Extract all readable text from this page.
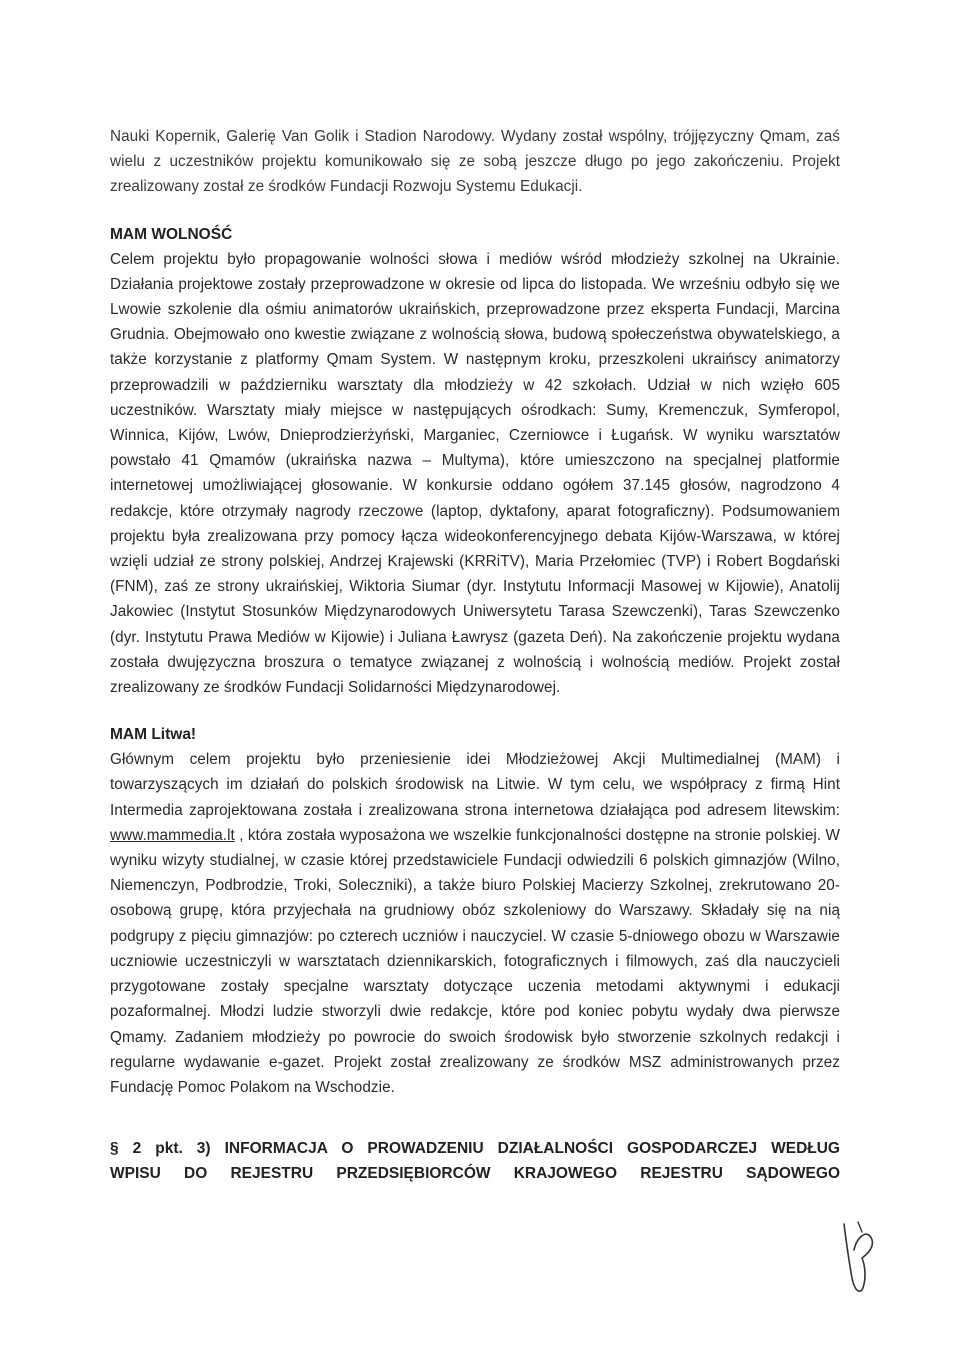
Nauki Kopernik, Galerię Van Golik i Stadion Narodowy. Wydany został wspólny, trójjęzyczny Qmam, zaś wielu z uczestników projektu komunikowało się ze sobą jeszcze długo po jego zakończeniu. Projekt zrealizowany został ze środków Fundacji Rozwoju Systemu Edukacji.

MAM WOLNOŚĆ

Celem projektu było propagowanie wolności słowa i mediów wśród młodzieży szkolnej na Ukrainie. Działania projektowe zostały przeprowadzone w okresie od lipca do listopada. We wrześniu odbyło się we Lwowie szkolenie dla ośmiu animatorów ukraińskich, przeprowadzone przez eksperta Fundacji, Marcina Grudnia. Obejmowało ono kwestie związane z wolnością słowa, budową społeczeństwa obywatelskiego, a także korzystanie z platformy Qmam System. W następnym kroku, przeszkoleni ukraińscy animatorzy przeprowadzili w październiku warsztaty dla młodzieży w 42 szkołach. Udział w nich wzięło 605 uczestników. Warsztaty miały miejsce w następujących ośrodkach: Sumy, Kremenczuk, Symferopol, Winnica, Kijów, Lwów, Dnieprodzierżyński, Marganiec, Czerniowce i Ługańsk. W wyniku warsztatów powstało 41 Qmamów (ukraińska nazwa – Multyma), które umieszczono na specjalnej platformie internetowej umożliwiającej głosowanie. W konkursie oddano ogółem 37.145 głosów, nagrodzono 4 redakcje, które otrzymały nagrody rzeczowe (laptop, dyktafony, aparat fotograficzny). Podsumowaniem projektu była zrealizowana przy pomocy łącza wideokonferencyjnego debata Kijów-Warszawa, w której wzięli udział ze strony polskiej, Andrzej Krajewski (KRRiTV), Maria Przełomiec (TVP) i Robert Bogdański (FNM), zaś ze strony ukraińskiej, Wiktoria Siumar (dyr. Instytutu Informacji Masowej w Kijowie), Anatolij Jakowiec (Instytut Stosunków Międzynarodowych Uniwersytetu Tarasa Szewczenki), Taras Szewczenko (dyr. Instytutu Prawa Mediów w Kijowie) i Juliana Ławrysz (gazeta Deń). Na zakończenie projektu wydana została dwujęzyczna broszura o tematyce związanej z wolnością i wolnością mediów. Projekt został zrealizowany ze środków Fundacji Solidarności Międzynarodowej.

MAM Litwa!

Głównym celem projektu było przeniesienie idei Młodzieżowej Akcji Multimedialnej (MAM) i towarzyszących im działań do polskich środowisk na Litwie. W tym celu, we współpracy z firmą Hint Intermedia zaprojektowana została i zrealizowana strona internetowa działająca pod adresem litewskim: www.mammedia.lt , która została wyposażona we wszelkie funkcjonalności dostępne na stronie polskiej. W wyniku wizyty studialnej, w czasie której przedstawiciele Fundacji odwiedzili 6 polskich gimnazjów (Wilno, Niemenczyn, Podbrodzie, Troki, Soleczniki), a także biuro Polskiej Macierzy Szkolnej, zrekrutowano 20-osobową grupę, która przyjechała na grudniowy obóz szkoleniowy do Warszawy. Składały się na nią podgrupy z pięciu gimnazjów: po czterech uczniów i nauczyciel. W czasie 5-dniowego obozu w Warszawie uczniowie uczestniczyli w warsztatach dziennikarskich, fotograficznych i filmowych, zaś dla nauczycieli przygotowane zostały specjalne warsztaty dotyczące uczenia metodami aktywnymi i edukacji pozaformalnej. Młodzi ludzie stworzyli dwie redakcje, które pod koniec pobytu wydały dwa pierwsze Qmamy. Zadaniem młodzieży po powrocie do swoich środowisk było stworzenie szkolnych redakcji i regularne wydawanie e-gazet. Projekt został zrealizowany ze środków MSZ administrowanych przez Fundację Pomoc Polakom na Wschodzie.

§ 2 pkt. 3) INFORMACJA O PROWADZENIU DZIAŁALNOŚCI GOSPODARCZEJ WEDŁUG

WPISU DO REJESTRU PRZEDSIĘBIORCÓW KRAJOWEGO REJESTRU SĄDOWEGO
